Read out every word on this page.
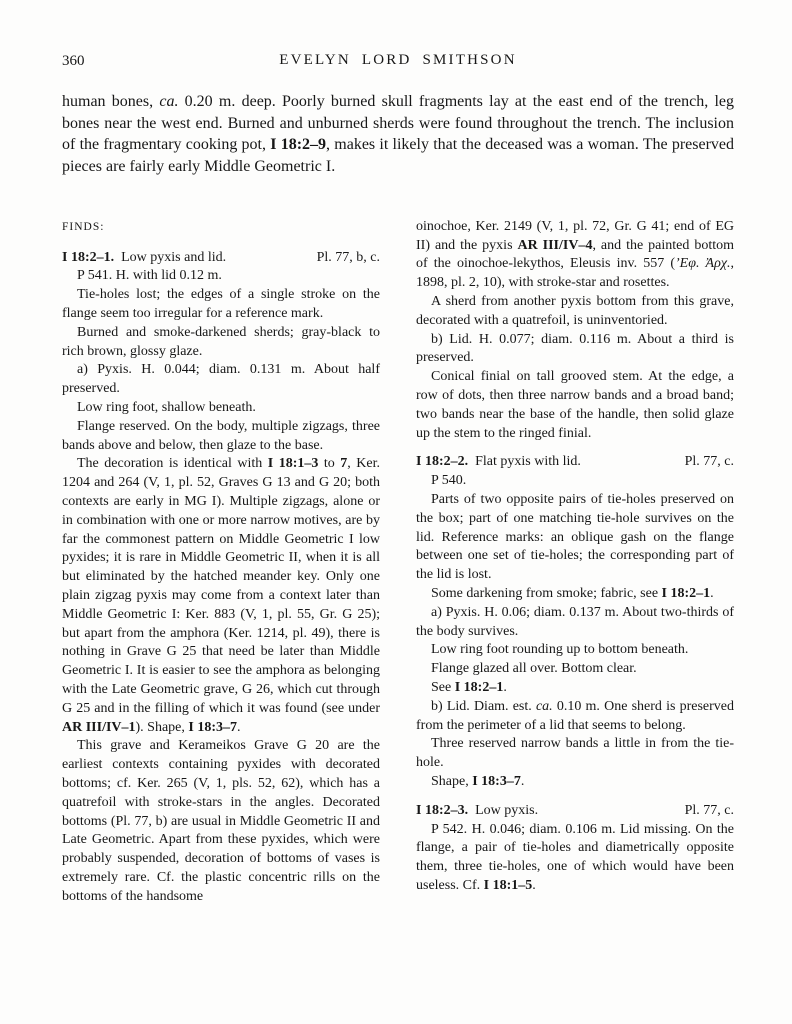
360	EVELYN LORD SMITHSON

human bones, ca. 0.20 m. deep. Poorly burned skull fragments lay at the east end of the trench, leg bones near the west end. Burned and unburned sherds were found throughout the trench. The inclusion of the fragmentary cooking pot, I 18:2–9, makes it likely that the deceased was a woman. The preserved pieces are fairly early Middle Geometric I.

FINDS:
I 18:2–1. Low pyxis and lid.	Pl. 77, b, c.

P 541. H. with lid 0.12 m.

Tie-holes lost; the edges of a single stroke on the flange seem too irregular for a reference mark.

Burned and smoke-darkened sherds; gray-black to rich brown, glossy glaze.

a) Pyxis. H. 0.044; diam. 0.131 m. About half preserved.

Low ring foot, shallow beneath.

Flange reserved. On the body, multiple zigzags, three bands above and below, then glaze to the base.

The decoration is identical with I 18:1–3 to 7, Ker. 1204 and 264 (V, 1, pl. 52, Graves G 13 and G 20; both contexts are early in MG I). Multiple zigzags, alone or in combination with one or more narrow motives, are by far the commonest pattern on Middle Geometric I low pyxides; it is rare in Middle Geometric II, when it is all but eliminated by the hatched meander key. Only one plain zigzag pyxis may come from a context later than Middle Geometric I: Ker. 883 (V, 1, pl. 55, Gr. G 25); but apart from the amphora (Ker. 1214, pl. 49), there is nothing in Grave G 25 that need be later than Middle Geometric I. It is easier to see the amphora as belonging with the Late Geometric grave, G 26, which cut through G 25 and in the filling of which it was found (see under AR III/IV–1). Shape, I 18:3–7.

This grave and Kerameikos Grave G 20 are the earliest contexts containing pyxides with decorated bottoms; cf. Ker. 265 (V, 1, pls. 52, 62), which has a quatrefoil with stroke-stars in the angles. Decorated bottoms (Pl. 77, b) are usual in Middle Geometric II and Late Geometric. Apart from these pyxides, which were probably suspended, decoration of bottoms of vases is extremely rare. Cf. the plastic concentric rills on the bottoms of the handsome

oinochoe, Ker. 2149 (V, 1, pl. 72, Gr. G 41; end of EG II) and the pyxis AR III/IV–4, and the painted bottom of the oinochoe-lekythos, Eleusis inv. 557 (’Εφ. Ἀρχ., 1898, pl. 2, 10), with stroke-star and rosettes.

A sherd from another pyxis bottom from this grave, decorated with a quatrefoil, is uninventoried.

b) Lid. H. 0.077; diam. 0.116 m. About a third is preserved.

Conical finial on tall grooved stem. At the edge, a row of dots, then three narrow bands and a broad band; two bands near the base of the handle, then solid glaze up the stem to the ringed finial.

I 18:2–2. Flat pyxis with lid.	Pl. 77, c.

P 540.

Parts of two opposite pairs of tie-holes preserved on the box; part of one matching tie-hole survives on the lid. Reference marks: an oblique gash on the flange between one set of tie-holes; the corresponding part of the lid is lost.

Some darkening from smoke; fabric, see I 18:2–1.

a) Pyxis. H. 0.06; diam. 0.137 m. About two-thirds of the body survives.

Low ring foot rounding up to bottom beneath.

Flange glazed all over. Bottom clear.

See I 18:2–1.

b) Lid. Diam. est. ca. 0.10 m. One sherd is preserved from the perimeter of a lid that seems to belong.

Three reserved narrow bands a little in from the tie-hole.

Shape, I 18:3–7.

I 18:2–3. Low pyxis.	Pl. 77, c.

P 542. H. 0.046; diam. 0.106 m. Lid missing. On the flange, a pair of tie-holes and diametrically opposite them, three tie-holes, one of which would have been useless. Cf. I 18:1–5.
